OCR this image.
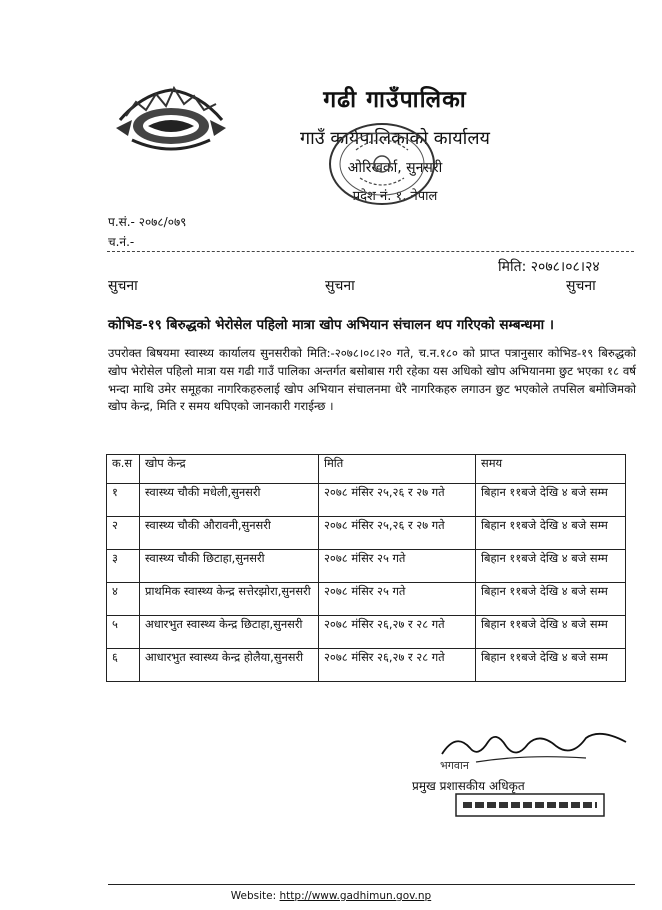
गढी गाउँपालिका
गाउँ कार्यपालिकाको कार्यालय
ओरिखर्का, सुनसरी
प्रदेश नं. १, नेपाल
प.सं.- २०७८/०७९
च.नं.-
मिति: २०७८।०८।२४
सुचना	सुचना	सुचना
कोभिड-१९ बिरुद्धको भेरोसेल पहिलो मात्रा खोप अभियान संचालन थप गरिएको सम्बन्धमा ।
उपरोक्त बिषयमा स्वास्थ्य कार्यालय सुनसरीको मिति:-२०७८।०८।२० गते, च.न.१८० को प्राप्त पत्रानुसार कोभिड-१९ बिरुद्धको खोप भेरोसेल पहिलो मात्रा यस गढी गाउँ पालिका अन्तर्गत बसोबास गरी रहेका यस अधिको खोप अभियानमा छुट भएका १८ वर्ष भन्दा माथि उमेर समूहका नागरिकहरुलाई खोप अभियान संचालनमा धेरै नागरिकहरु लगाउन छुट भएकोले तपसिल बमोजिमको खोप केन्द्र, मिति र समय थपिएको जानकारी गराईन्छ ।
क.स	खोप केन्द्र	मिति	समय
१	स्वास्थ्य चौकी मधेली,सुनसरी	२०७८ मंसिर २५,२६ र २७ गते	बिहान ११बजे देखि ४ बजे सम्म
२	स्वास्थ्य चौकी औरावनी,सुनसरी	२०७८ मंसिर २५,२६ र २७ गते	बिहान ११बजे देखि ४ बजे सम्म
३	स्वास्थ्य चौकी छिटाहा,सुनसरी	२०७८ मंसिर २५ गते	बिहान ११बजे देखि ४ बजे सम्म
४	प्राथमिक स्वास्थ्य केन्द्र सत्तेरझोरा,सुनसरी	२०७८ मंसिर २५ गते	बिहान ११बजे देखि ४ बजे सम्म
५	अधारभुत स्वास्थ्य केन्द्र छिटाहा,सुनसरी	२०७८ मंसिर २६,२७ र २८ गते	बिहान ११बजे देखि ४ बजे सम्म
६	आधारभुत स्वास्थ्य केन्द्र होलैया,सुनसरी	२०७८ मंसिर २६,२७ र २८ गते	बिहान ११बजे देखि ४ बजे सम्म
भगवान
प्रमुख प्रशासकीय अधिकृत
Website: http://www.gadhimun.gov.np
